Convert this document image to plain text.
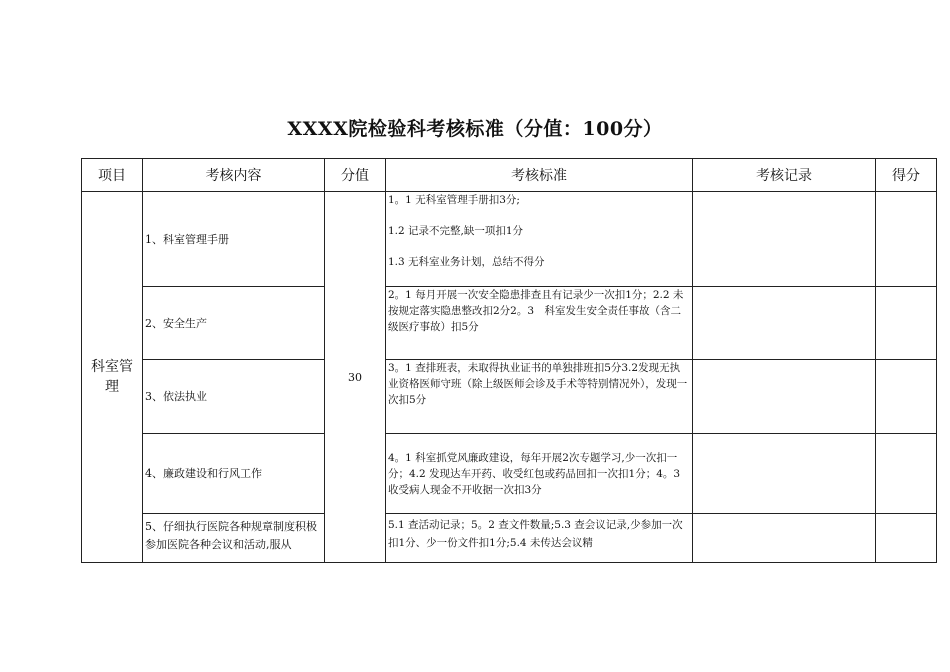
XXXX院检验科考核标准（分值：100分）
项目	考核内容	分值	考核标准	考核记录	得分
科室管理	1、科室管理手册	30	1。1 无科室管理手册扣3分;

1.2 记录不完整,缺一项扣1分

1.3 无科室业务计划，总结不得分		

	2、安全生产		2。1 每月开展一次安全隐患排查且有记录少一次扣1分；2.2 未按规定落实隐患整改扣2分2。3　科室发生安全责任事故（含二级医疗事故）扣5分		

	3、依法执业		3。1 查排班表，未取得执业证书的单独排班扣5分3.2发现无执业资格医师守班（除上级医师会诊及手术等特别情况外），发现一次扣5分		

	4、廉政建设和行风工作		4。1 科室抓党风廉政建设，每年开展2次专题学习,少一次扣一分；4.2 发现达车开药、收受红包或药品回扣一次扣1分；4。3 收受病人现金不开收据一次扣3分		

	5、仔细执行医院各种规章制度积极参加医院各种会议和活动,服从		5.1 查活动记录；5。2 查文件数量;5.3 查会议记录,少参加一次扣1分、少一份文件扣1分;5.4 未传达会议精		
